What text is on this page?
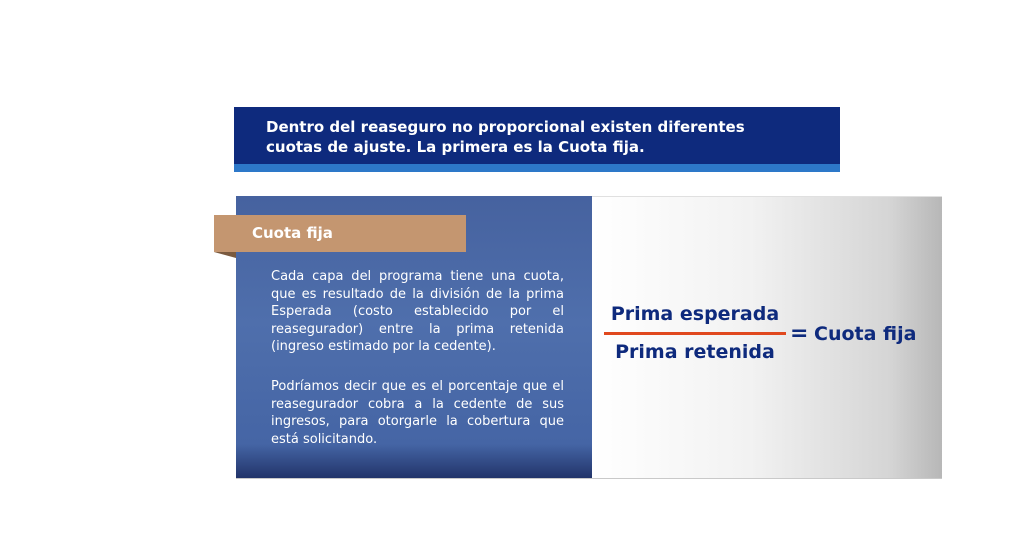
Dentro del reaseguro no proporcional existen diferentes
cuotas de ajuste. La primera es la Cuota fija.
Cuota fija

Cada capa del programa tiene una cuota, que es resultado de la división de la prima Esperada (costo establecido por el reasegurador) entre la prima retenida (ingreso estimado por la cedente).

Podríamos decir que es el porcentaje que el reasegurador cobra a la cedente de sus ingresos, para otorgarle la cobertura que está solicitando.

Prima esperada
Prima retenida
= Cuota fija
